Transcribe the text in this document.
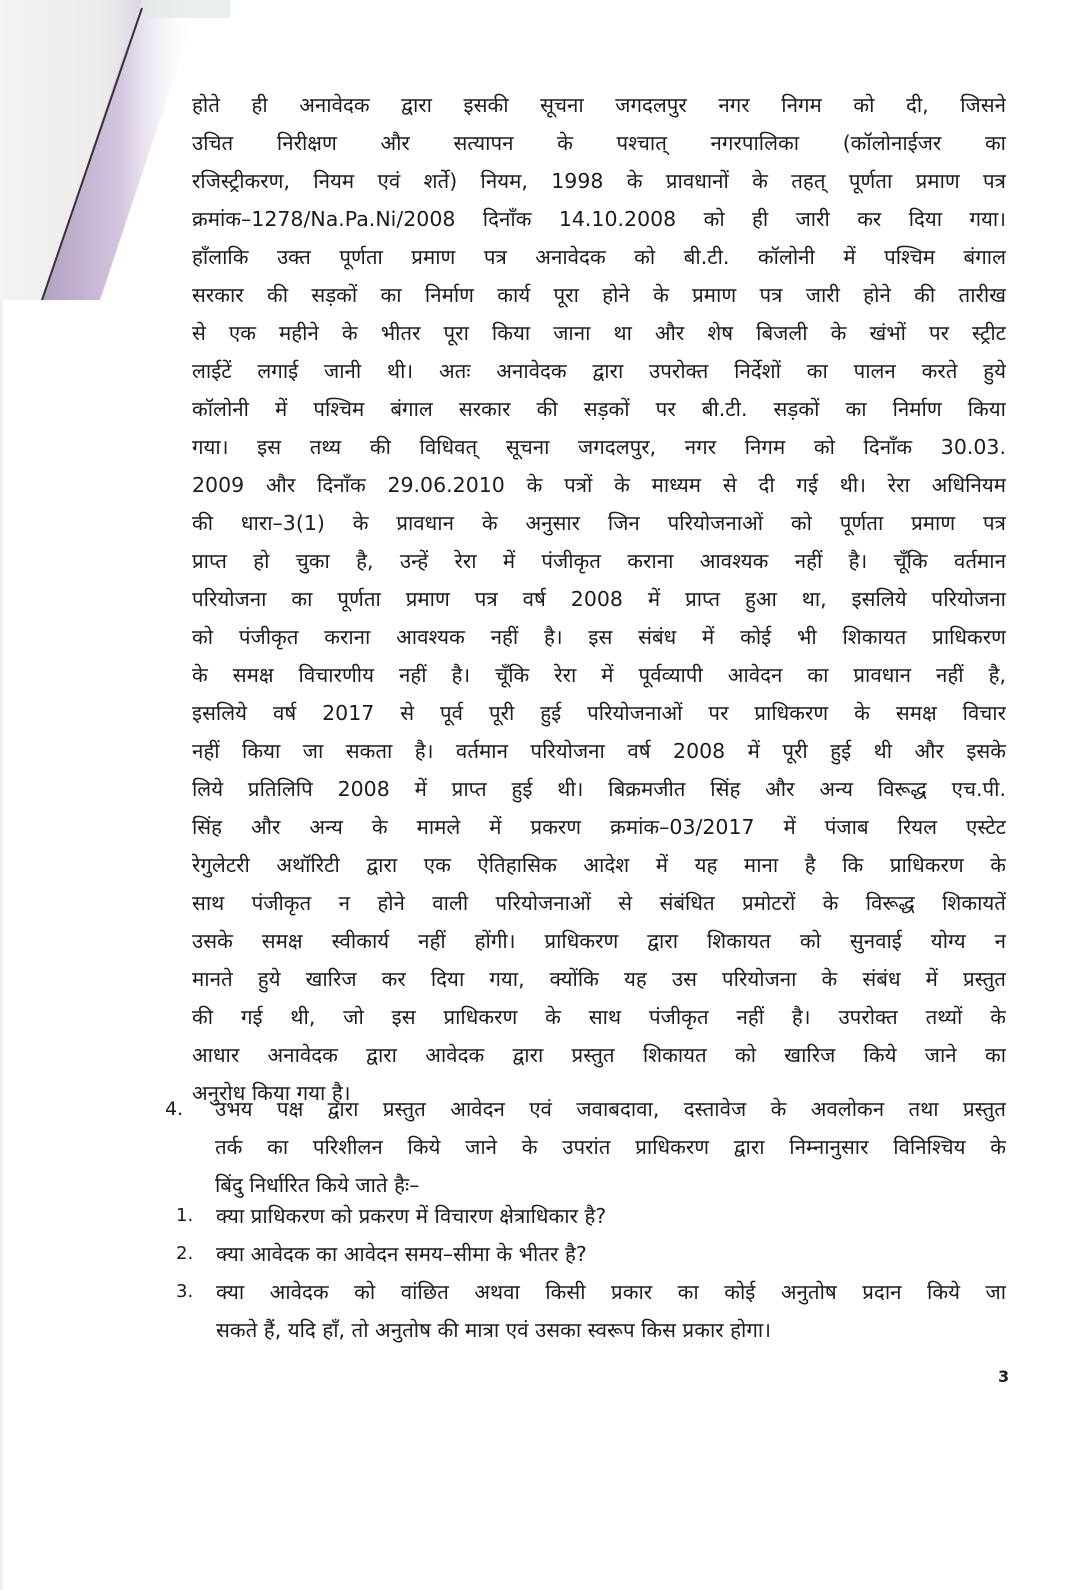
होते ही अनावेदक द्वारा इसकी सूचना जगदलपुर नगर निगम को दी, जिसने
उचित निरीक्षण और सत्यापन के पश्चात् नगरपालिका (कॉलोनाईजर का
रजिस्ट्रीकरण, नियम एवं शर्ते) नियम, 1998 के प्रावधानों के तहत् पूर्णता प्रमाण पत्र
क्रमांक–1278/Na.Pa.Ni/2008 दिनाँक 14.10.2008 को ही जारी कर दिया गया।
हाँलाकि उक्त पूर्णता प्रमाण पत्र अनावेदक को बी.टी. कॉलोनी में पश्चिम बंगाल
सरकार की सड़कों का निर्माण कार्य पूरा होने के प्रमाण पत्र जारी होने की तारीख
से एक महीने के भीतर पूरा किया जाना था और शेष बिजली के खंभों पर स्ट्रीट
लाईटें लगाई जानी थी। अतः अनावेदक द्वारा उपरोक्त निर्देशों का पालन करते हुये
कॉलोनी में पश्चिम बंगाल सरकार की सड़कों पर बी.टी. सड़कों का निर्माण किया
गया। इस तथ्य की विधिवत् सूचना जगदलपुर, नगर निगम को दिनाँक 30.03.
2009 और दिनाँक 29.06.2010 के पत्रों के माध्यम से दी गई थी। रेरा अधिनियम
की धारा–3(1) के प्रावधान के अनुसार जिन परियोजनाओं को पूर्णता प्रमाण पत्र
प्राप्त हो चुका है, उन्हें रेरा में पंजीकृत कराना आवश्यक नहीं है। चूँकि वर्तमान
परियोजना का पूर्णता प्रमाण पत्र वर्ष 2008 में प्राप्त हुआ था, इसलिये परियोजना
को पंजीकृत कराना आवश्यक नहीं है। इस संबंध में कोई भी शिकायत प्राधिकरण
के समक्ष विचारणीय नहीं है। चूँकि रेरा में पूर्वव्यापी आवेदन का प्रावधान नहीं है,
इसलिये वर्ष 2017 से पूर्व पूरी हुई परियोजनाओं पर प्राधिकरण के समक्ष विचार
नहीं किया जा सकता है। वर्तमान परियोजना वर्ष 2008 में पूरी हुई थी और इसके
लिये प्रतिलिपि 2008 में प्राप्त हुई थी। बिक्रमजीत सिंह और अन्य विरूद्ध एच.पी.
सिंह और अन्य के मामले में प्रकरण क्रमांक–03/2017 में पंजाब रियल एस्टेट
रेगुलेटरी अथॉरिटी द्वारा एक ऐतिहासिक आदेश में यह माना है कि प्राधिकरण के
साथ पंजीकृत न होने वाली परियोजनाओं से संबंधित प्रमोटरों के विरूद्ध शिकायतें
उसके समक्ष स्वीकार्य नहीं होंगी। प्राधिकरण द्वारा शिकायत को सुनवाई योग्य न
मानते हुये खारिज कर दिया गया, क्योंकि यह उस परियोजना के संबंध में प्रस्तुत
की गई थी, जो इस प्राधिकरण के साथ पंजीकृत नहीं है। उपरोक्त तथ्यों के
आधार अनावेदक द्वारा आवेदक द्वारा प्रस्तुत शिकायत को खारिज किये जाने का
अनुरोध किया गया है।
4.	उभय पक्ष द्वारा प्रस्तुत आवेदन एवं जवाबदावा, दस्तावेज के अवलोकन तथा प्रस्तुत
तर्क का परिशीलन किये जाने के उपरांत प्राधिकरण द्वारा निम्नानुसार विनिश्चिय के
बिंदु निर्धारित किये जाते हैः–
1.	क्या प्राधिकरण को प्रकरण में विचारण क्षेत्राधिकार है?
2.	क्या आवेदक का आवेदन समय–सीमा के भीतर है?
3.	क्या आवेदक को वांछित अथवा किसी प्रकार का कोई अनुतोष प्रदान किये जा
सकते हैं, यदि हाँ, तो अनुतोष की मात्रा एवं उसका स्वरूप किस प्रकार होगा।
3
